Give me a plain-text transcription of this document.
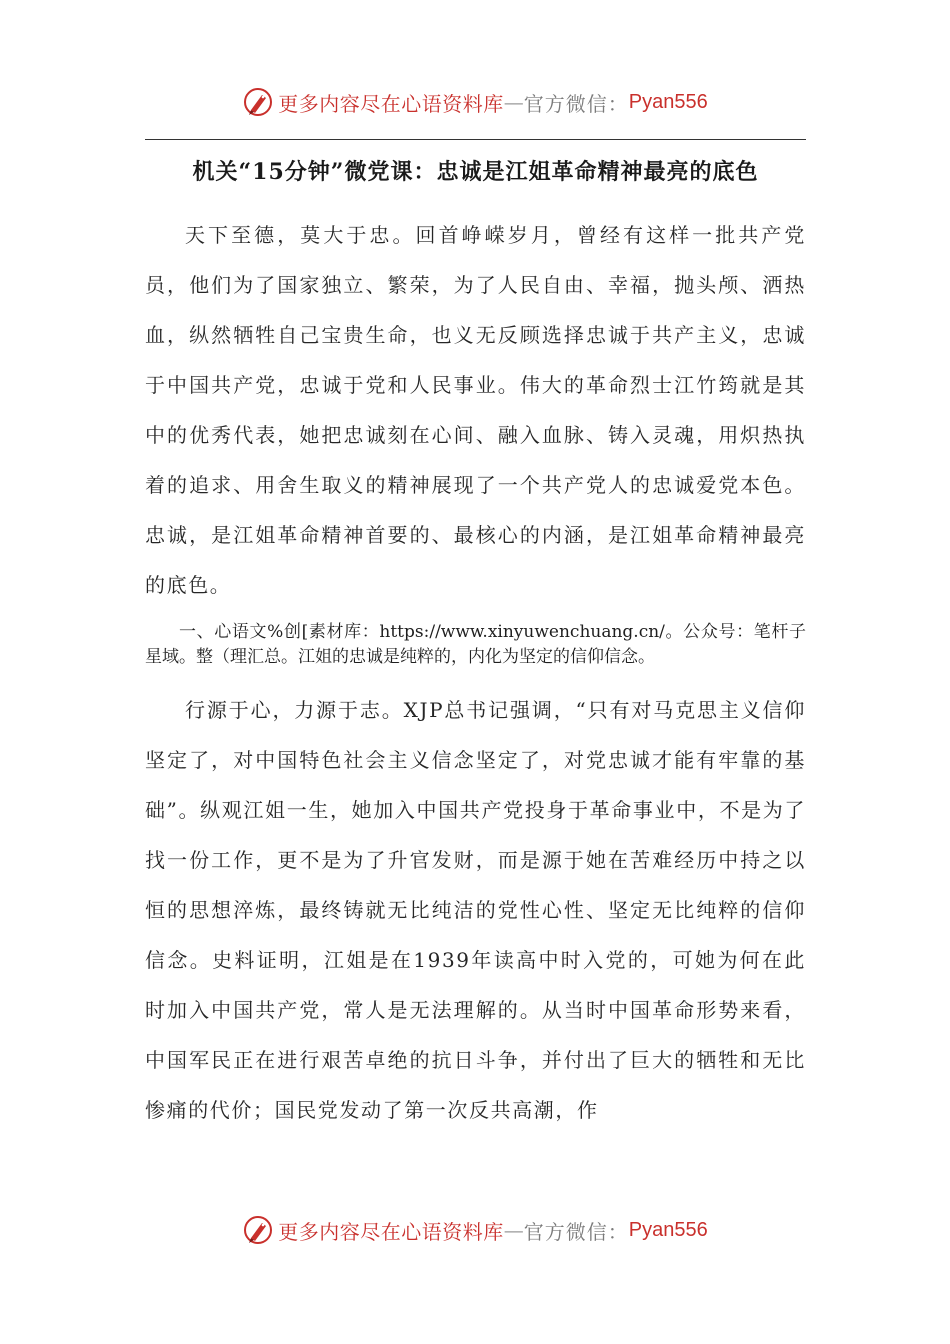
更多内容尽在心语资料库 — 官方微信： Pyan556
机关“15分钟”微党课：忠诚是江姐革命精神最亮的底色

天下至德，莫大于忠。回首峥嵘岁月，曾经有这样一批共产党员，他们为了国家独立、繁荣，为了人民自由、幸福，抛头颅、洒热血，纵然牺牲自己宝贵生命，也义无反顾选择忠诚于共产主义，忠诚于中国共产党，忠诚于党和人民事业。伟大的革命烈士江竹筠就是其中的优秀代表，她把忠诚刻在心间、融入血脉、铸入灵魂，用炽热执着的追求、用舍生取义的精神展现了一个共产党人的忠诚爱党本色。忠诚，是江姐革命精神首要的、最核心的内涵，是江姐革命精神最亮的底色。

一、心语文%创[素材库：https://www.xinyuwenchuang.cn/。公众号：笔杆子星域。整（理汇总。江姐的忠诚是纯粹的，内化为坚定的信仰信念。

行源于心，力源于志。XJP总书记强调，“只有对马克思主义信仰坚定了，对中国特色社会主义信念坚定了，对党忠诚才能有牢靠的基础”。纵观江姐一生，她加入中国共产党投身于革命事业中，不是为了找一份工作，更不是为了升官发财，而是源于她在苦难经历中持之以恒的思想淬炼，最终铸就无比纯洁的党性心性、坚定无比纯粹的信仰信念。史料证明，江姐是在1939年读高中时入党的，可她为何在此时加入中国共产党，常人是无法理解的。从当时中国革命形势来看，中国军民正在进行艰苦卓绝的抗日斗争，并付出了巨大的牺牲和无比惨痛的代价；国民党发动了第一次反共高潮，作

更多内容尽在心语资料库 — 官方微信： Pyan556
